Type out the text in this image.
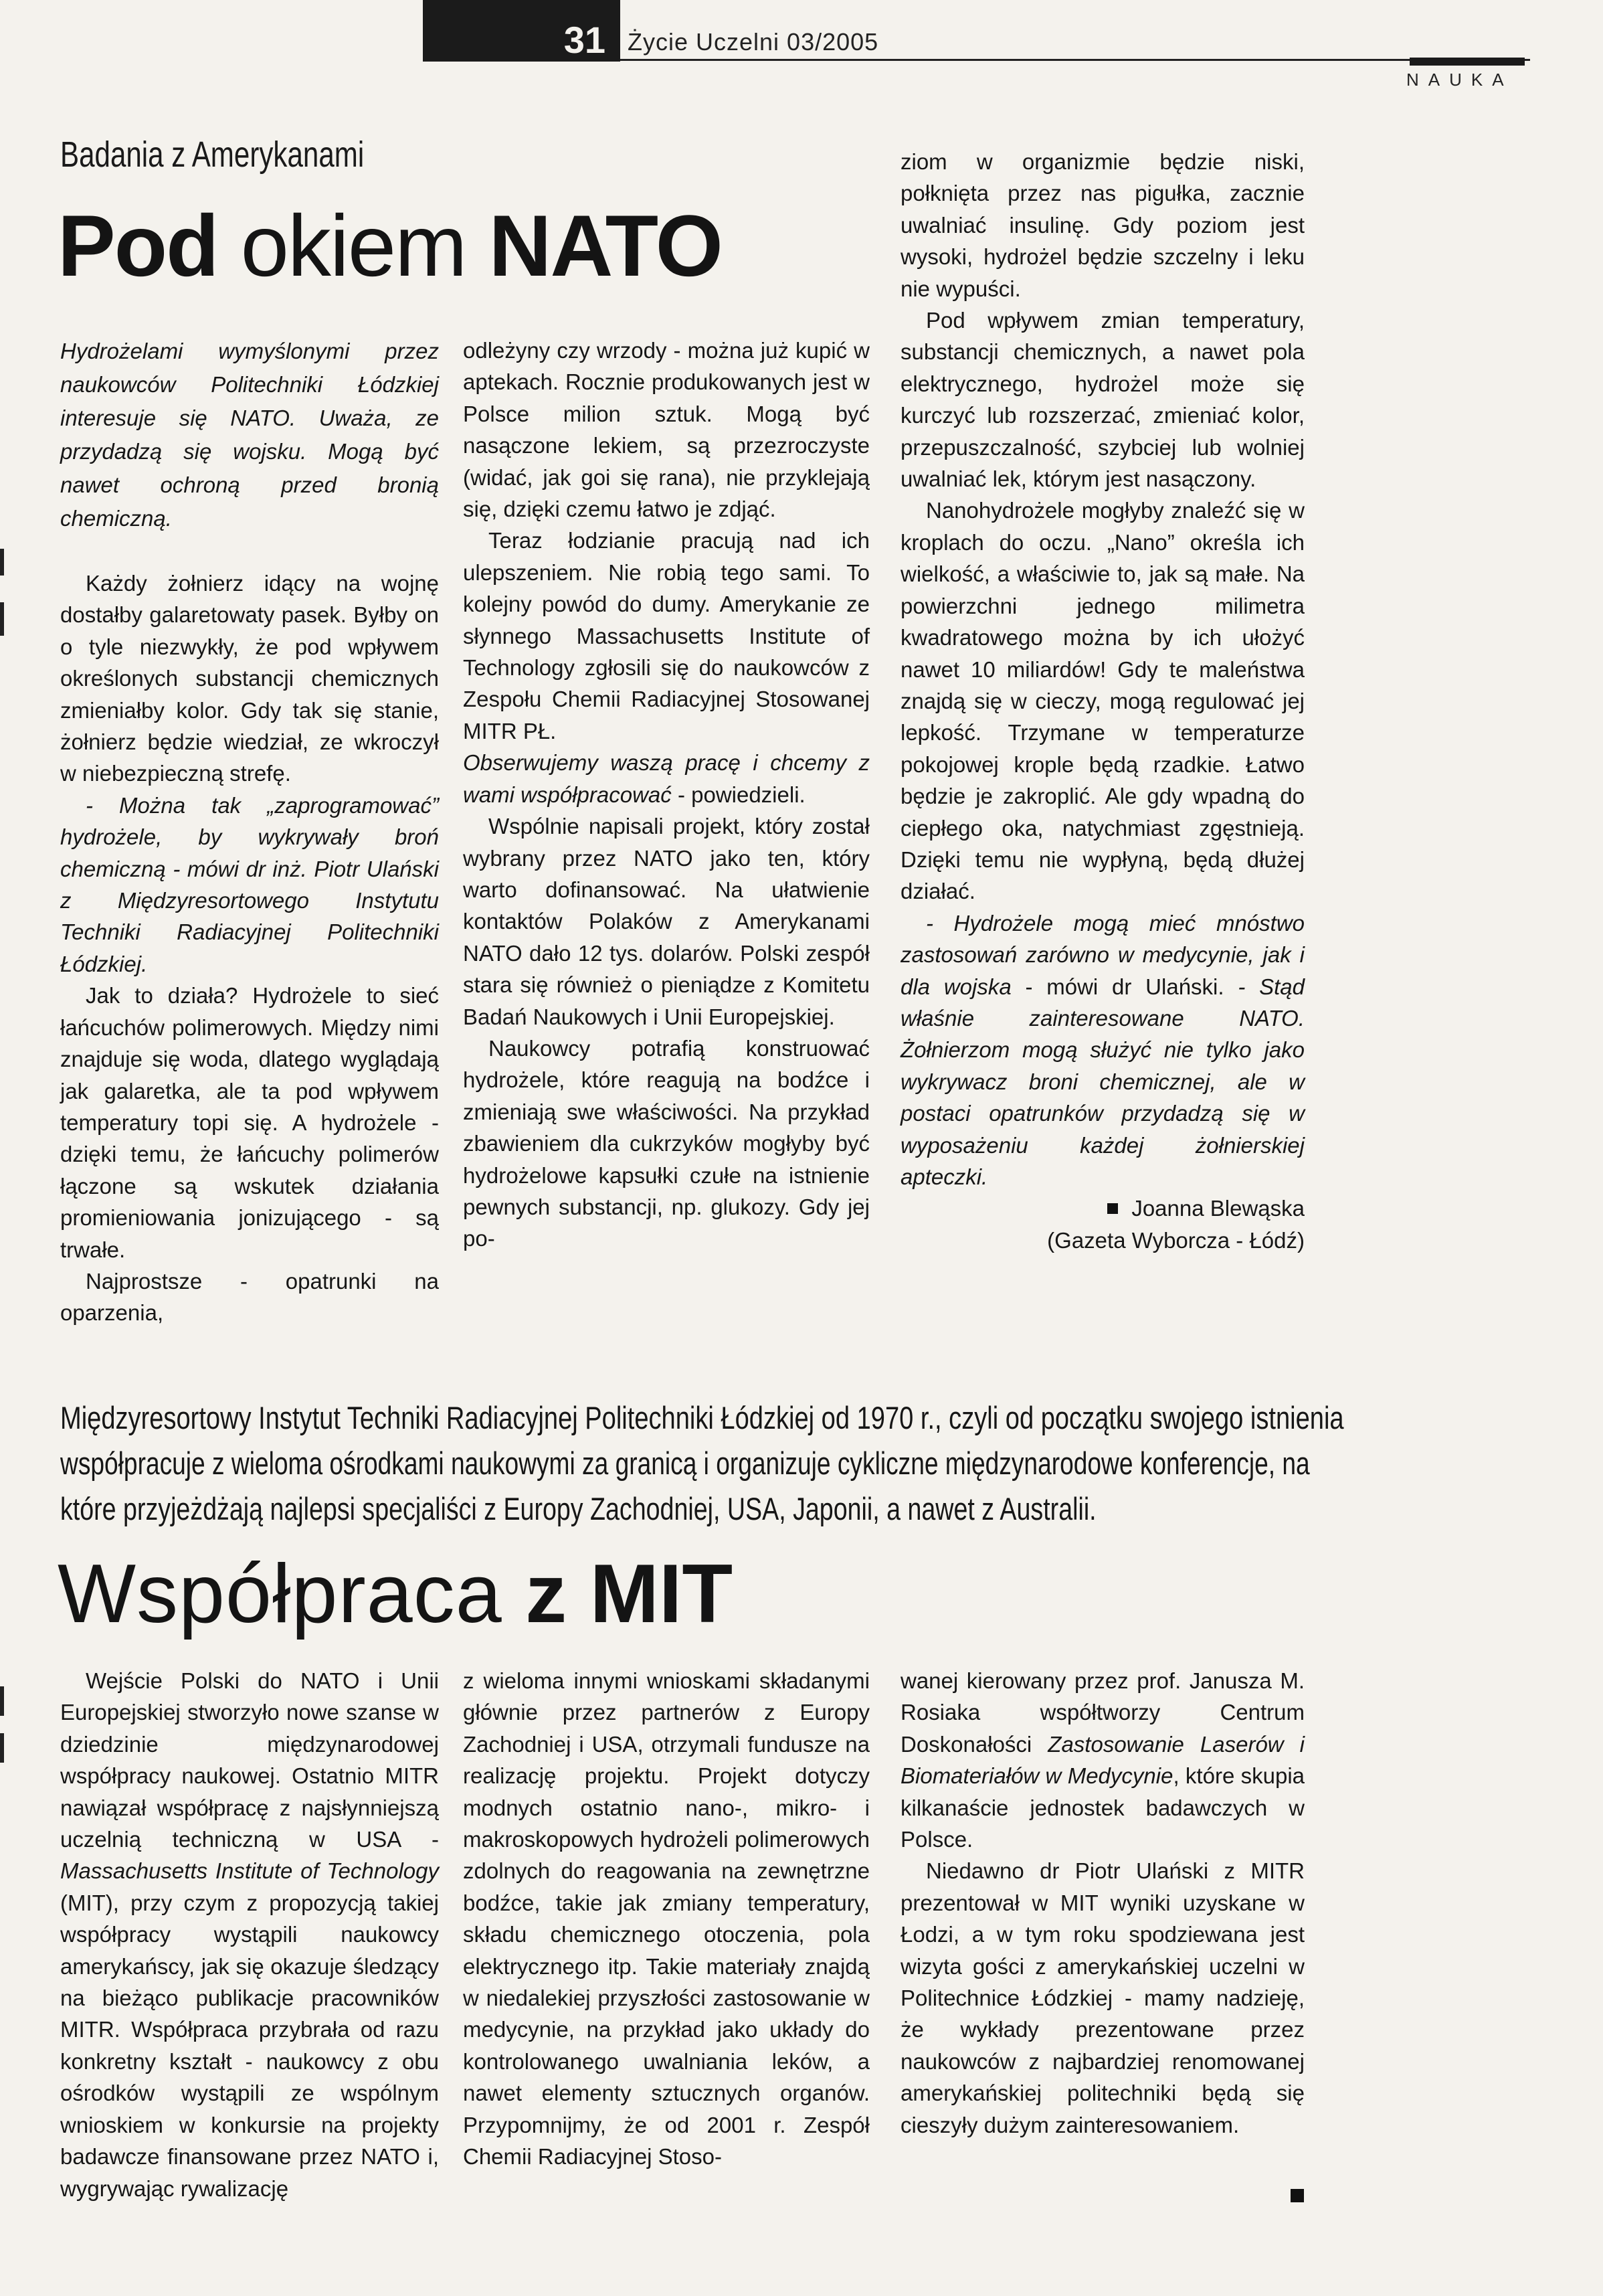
31 Życie Uczelni 03/2005
NAUKA
Badania z Amerykanami
Pod okiem NATO

Hydrożelami wymyślonymi przez naukowców Politechniki Łódzkiej interesuje się NATO. Uważa, ze przydadzą się wojsku. Mogą być nawet ochroną przed bronią chemiczną.

Każdy żołnierz idący na wojnę dostałby galaretowaty pasek. Byłby on o tyle niezwykły, że pod wpływem określonych substancji chemicznych zmieniałby kolor. Gdy tak się stanie, żołnierz będzie wiedział, ze wkroczył w niebezpieczną strefę.

- Można tak „zaprogramować” hydrożele, by wykrywały broń chemiczną - mówi dr inż. Piotr Ulański z Międzyresortowego Instytutu Techniki Radiacyjnej Politechniki Łódzkiej.

Jak to działa? Hydrożele to sieć łańcuchów polimerowych. Między nimi znajduje się woda, dlatego wyglądają jak galaretka, ale ta pod wpływem temperatury topi się. A hydrożele - dzięki temu, że łańcuchy polimerów łączone są wskutek działania promieniowania jonizującego - są trwałe.

Najprostsze - opatrunki na oparzenia,

odleżyny czy wrzody - można już kupić w aptekach. Rocznie produkowanych jest w Polsce milion sztuk. Mogą być nasączone lekiem, są przezroczyste (widać, jak goi się rana), nie przyklejają się, dzięki czemu łatwo je zdjąć.

Teraz łodzianie pracują nad ich ulepszeniem. Nie robią tego sami. To kolejny powód do dumy. Amerykanie ze słynnego Massachusetts Institute of Technology zgłosili się do naukowców z Zespołu Chemii Radiacyjnej Stosowanej MITR PŁ.

Obserwujemy waszą pracę i chcemy z wami współpracować - powiedzieli.

Wspólnie napisali projekt, który został wybrany przez NATO jako ten, który warto dofinansować. Na ułatwienie kontaktów Polaków z Amerykanami NATO dało 12 tys. dolarów. Polski zespół stara się również o pieniądze z Komitetu Badań Naukowych i Unii Europejskiej.

Naukowcy potrafią konstruować hydrożele, które reagują na bodźce i zmieniają swe właściwości. Na przykład zbawieniem dla cukrzyków mogłyby być hydrożelowe kapsułki czułe na istnienie pewnych substancji, np. glukozy. Gdy jej po-

ziom w organizmie będzie niski, połknięta przez nas pigułka, zacznie uwalniać insulinę. Gdy poziom jest wysoki, hydrożel będzie szczelny i leku nie wypuści.

Pod wpływem zmian temperatury, substancji chemicznych, a nawet pola elektrycznego, hydrożel może się kurczyć lub rozszerzać, zmieniać kolor, przepuszczalność, szybciej lub wolniej uwalniać lek, którym jest nasączony.

Nanohydrożele mogłyby znaleźć się w kroplach do oczu. „Nano” określa ich wielkość, a właściwie to, jak są małe. Na powierzchni jednego milimetra kwadratowego można by ich ułożyć nawet 10 miliardów! Gdy te maleństwa znajdą się w cieczy, mogą regulować jej lepkość. Trzymane w temperaturze pokojowej krople będą rzadkie. Łatwo będzie je zakroplić. Ale gdy wpadną do ciepłego oka, natychmiast zgęstnieją. Dzięki temu nie wypłyną, będą dłużej działać.

- Hydrożele mogą mieć mnóstwo zastosowań zarówno w medycynie, jak i dla wojska - mówi dr Ulański. - Stąd właśnie zainteresowane NATO. Żołnierzom mogą służyć nie tylko jako wykrywacz broni chemicznej, ale w postaci opatrunków przydadzą się w wyposażeniu każdej żołnierskiej apteczki.

Joanna Blewąska

(Gazeta Wyborcza - Łódź)

Międzyresortowy Instytut Techniki Radiacyjnej Politechniki Łódzkiej od 1970 r., czyli od początku swojego istnienia
współpracuje z wieloma ośrodkami naukowymi za granicą i organizuje cykliczne międzynarodowe konferencje, na
które przyjeżdżają najlepsi specjaliści z Europy Zachodniej, USA, Japonii, a nawet z Australii.
Współpraca z MIT

Wejście Polski do NATO i Unii Europejskiej stworzyło nowe szanse w dziedzinie międzynarodowej współpracy naukowej. Ostatnio MITR nawiązał współpracę z najsłynniejszą uczelnią techniczną w USA - Massachusetts Institute of Technology (MIT), przy czym z propozycją takiej współpracy wystąpili naukowcy amerykańscy, jak się okazuje śledzący na bieżąco publikacje pracowników MITR. Współpraca przybrała od razu konkretny kształt - naukowcy z obu ośrodków wystąpili ze wspólnym wnioskiem w konkursie na projekty badawcze finansowane przez NATO i, wygrywając rywalizację

z wieloma innymi wnioskami składanymi głównie przez partnerów z Europy Zachodniej i USA, otrzymali fundusze na realizację projektu. Projekt dotyczy modnych ostatnio nano-, mikro- i makroskopowych hydrożeli polimerowych zdolnych do reagowania na zewnętrzne bodźce, takie jak zmiany temperatury, składu chemicznego otoczenia, pola elektrycznego itp. Takie materiały znajdą w niedalekiej przyszłości zastosowanie w medycynie, na przykład jako układy do kontrolowanego uwalniania leków, a nawet elementy sztucznych organów. Przypomnijmy, że od 2001 r. Zespół Chemii Radiacyjnej Stoso-

wanej kierowany przez prof. Janusza M. Rosiaka współtworzy Centrum Doskonałości Zastosowanie Laserów i Biomateriałów w Medycynie, które skupia kilkanaście jednostek badawczych w Polsce.

Niedawno dr Piotr Ulański z MITR prezentował w MIT wyniki uzyskane w Łodzi, a w tym roku spodziewana jest wizyta gości z amerykańskiej uczelni w Politechnice Łódzkiej - mamy nadzieję, że wykłady prezentowane przez naukowców z najbardziej renomowanej amerykańskiej politechniki będą się cieszyły dużym zainteresowaniem.
